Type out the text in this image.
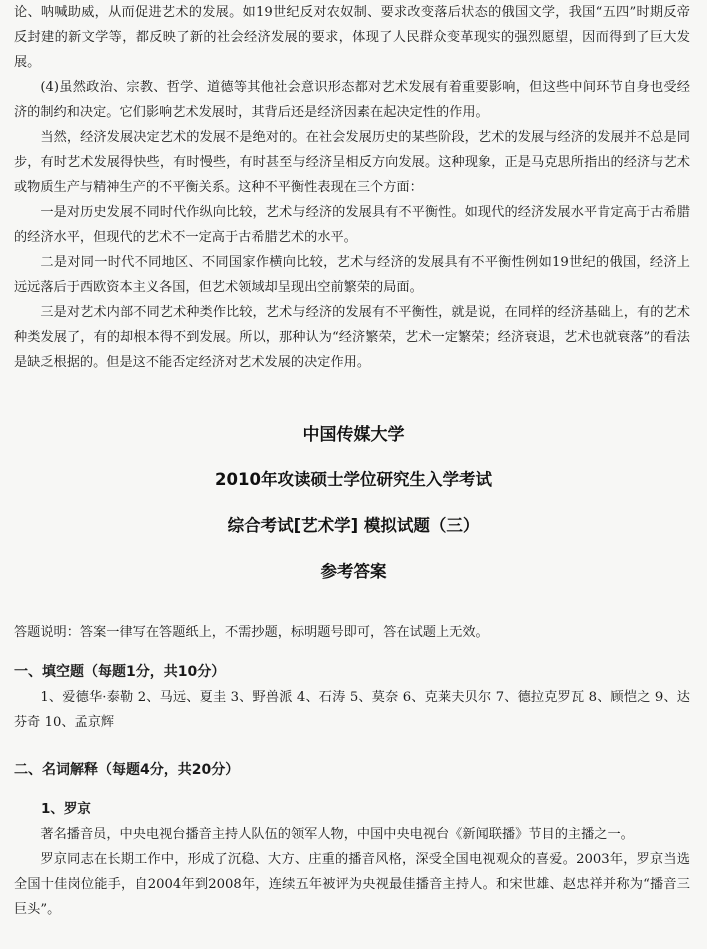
论、呐喊助威，从而促进艺术的发展。如19世纪反对农奴制、要求改变落后状态的俄国文学，我国“五四”时期反帝反封建的新文学等，都反映了新的社会经济发展的要求，体现了人民群众变革现实的强烈愿望，因而得到了巨大发展。

(4)虽然政治、宗教、哲学、道德等其他社会意识形态都对艺术发展有着重要影响，但这些中间环节自身也受经济的制约和决定。它们影响艺术发展时，其背后还是经济因素在起决定性的作用。

当然，经济发展决定艺术的发展不是绝对的。在社会发展历史的某些阶段，艺术的发展与经济的发展并不总是同步，有时艺术发展得快些，有时慢些，有时甚至与经济呈相反方向发展。这种现象，正是马克思所指出的经济与艺术或物质生产与精神生产的不平衡关系。这种不平衡性表现在三个方面：

一是对历史发展不同时代作纵向比较，艺术与经济的发展具有不平衡性。如现代的经济发展水平肯定高于古希腊的经济水平，但现代的艺术不一定高于古希腊艺术的水平。

二是对同一时代不同地区、不同国家作横向比较，艺术与经济的发展具有不平衡性例如19世纪的俄国，经济上远远落后于西欧资本主义各国，但艺术领域却呈现出空前繁荣的局面。

三是对艺术内部不同艺术种类作比较，艺术与经济的发展有不平衡性，就是说，在同样的经济基础上，有的艺术种类发展了，有的却根本得不到发展。所以，那种认为“经济繁荣，艺术一定繁荣；经济衰退，艺术也就衰落”的看法是缺乏根据的。但是这不能否定经济对艺术发展的决定作用。

中国传媒大学
2010年攻读硕士学位研究生入学考试
综合考试[艺术学] 模拟试题（三）
参考答案

答题说明：答案一律写在答题纸上，不需抄题，标明题号即可，答在试题上无效。

一、填空题（每题1分，共10分）

1、爱德华·泰勒 2、马远、夏圭 3、野兽派 4、石涛 5、莫奈 6、克莱夫贝尔 7、德拉克罗瓦 8、顾恺之 9、达芬奇 10、孟京辉

二、名词解释（每题4分，共20分）
1、罗京

著名播音员，中央电视台播音主持人队伍的领军人物，中国中央电视台《新闻联播》节目的主播之一。

罗京同志在长期工作中，形成了沉稳、大方、庄重的播音风格，深受全国电视观众的喜爱。2003年，罗京当选全国十佳岗位能手，自2004年到2008年，连续五年被评为央视最佳播音主持人。和宋世雄、赵忠祥并称为“播音三巨头”。
